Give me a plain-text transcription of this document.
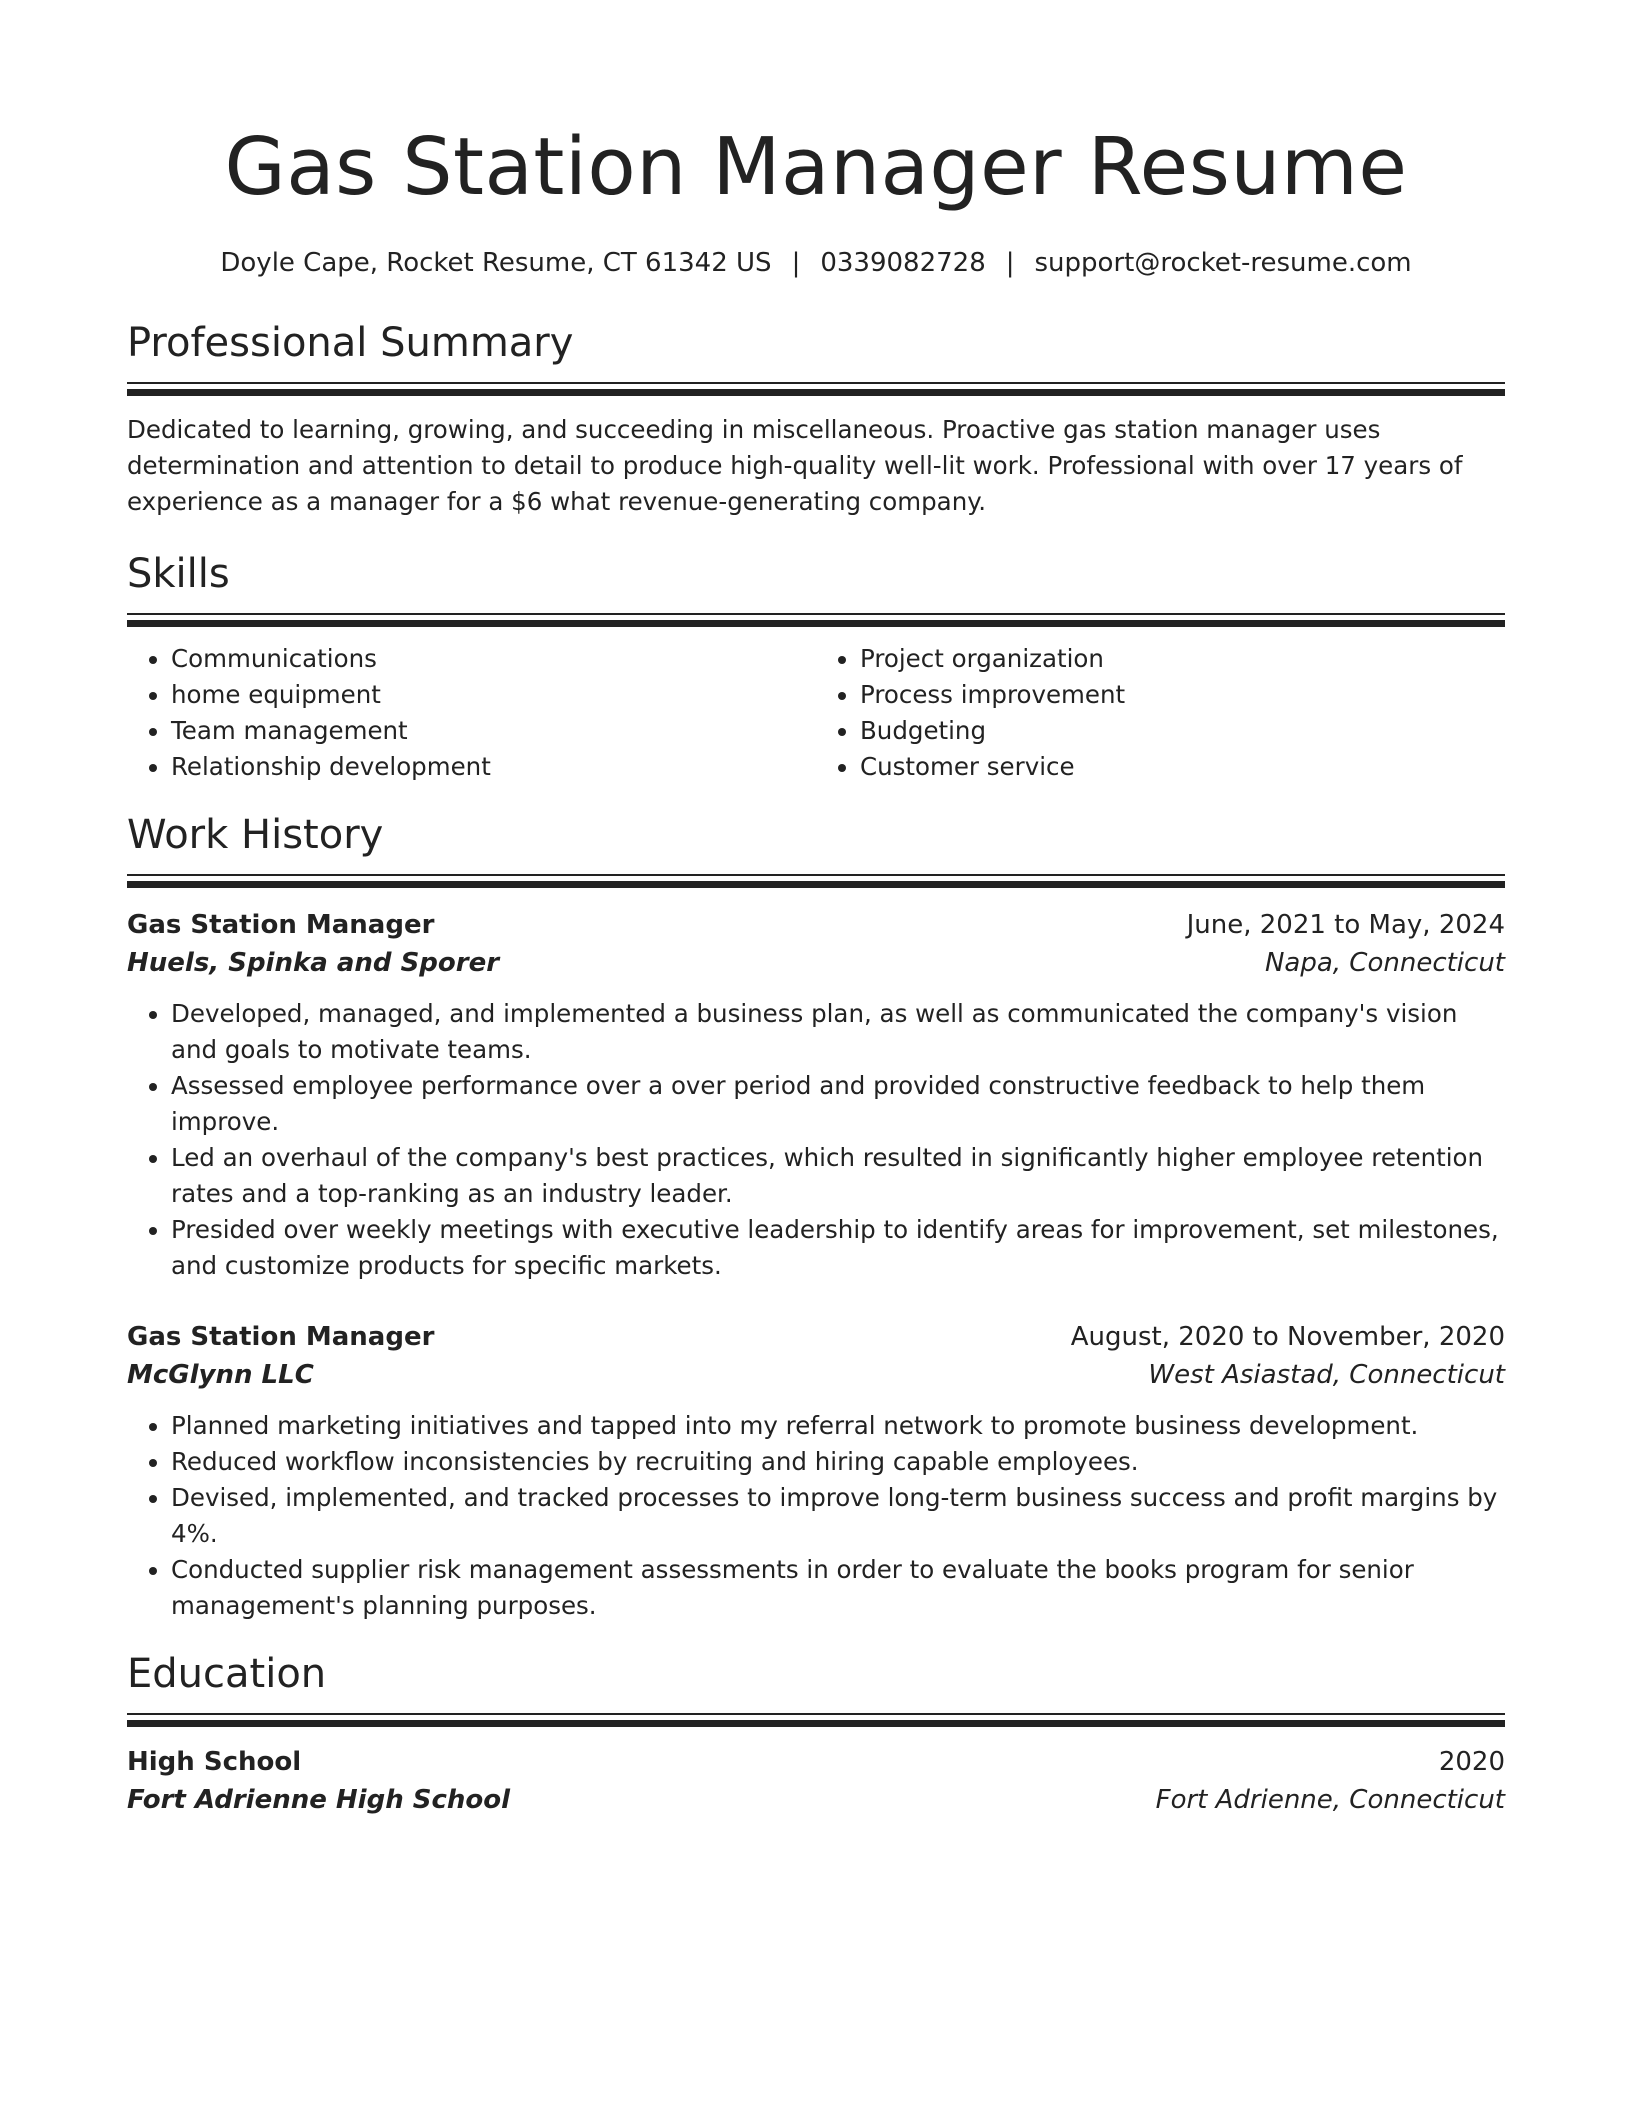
Gas Station Manager Resume
Doyle Cape, Rocket Resume, CT 61342 US | 0339082728 | support@rocket-resume.com
Professional Summary
Dedicated to learning, growing, and succeeding in miscellaneous. Proactive gas station manager uses determination and attention to detail to produce high-quality well-lit work. Professional with over 17 years of experience as a manager for a $6 what revenue-generating company.
Skills
• Communications
• home equipment
• Team management
• Relationship development
• Project organization
• Process improvement
• Budgeting
• Customer service
Work History
Gas Station Manager	June, 2021 to May, 2024
Huels, Spinka and Sporer	Napa, Connecticut
• Developed, managed, and implemented a business plan, as well as communicated the company's vision and goals to motivate teams.
• Assessed employee performance over a over period and provided constructive feedback to help them improve.
• Led an overhaul of the company's best practices, which resulted in significantly higher employee retention rates and a top-ranking as an industry leader.
• Presided over weekly meetings with executive leadership to identify areas for improvement, set milestones, and customize products for specific markets.
Gas Station Manager	August, 2020 to November, 2020
McGlynn LLC	West Asiastad, Connecticut
• Planned marketing initiatives and tapped into my referral network to promote business development.
• Reduced workflow inconsistencies by recruiting and hiring capable employees.
• Devised, implemented, and tracked processes to improve long-term business success and profit margins by 4%.
• Conducted supplier risk management assessments in order to evaluate the books program for senior management's planning purposes.
Education
High School	2020
Fort Adrienne High School	Fort Adrienne, Connecticut
